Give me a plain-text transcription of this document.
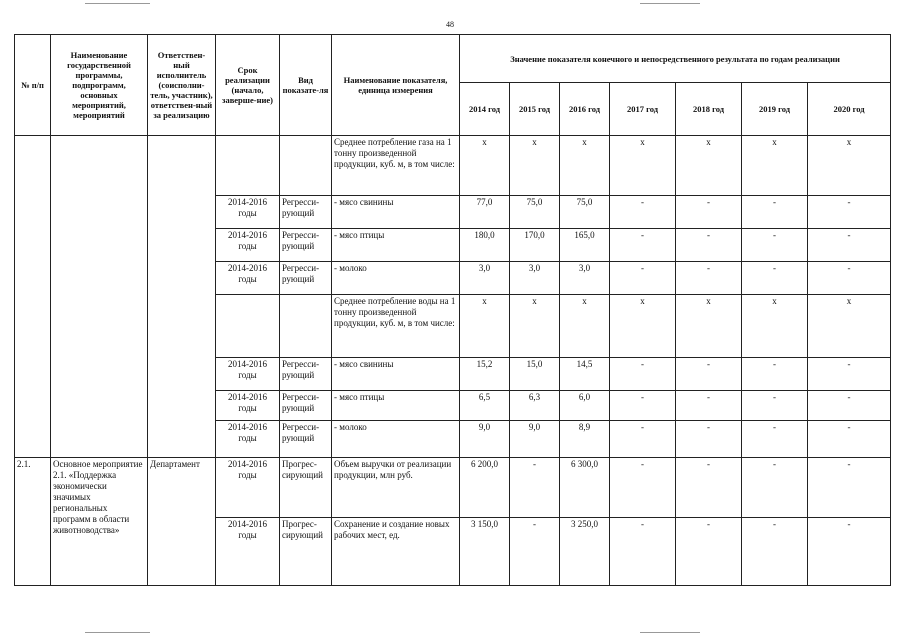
48
№ п/п	Наименование государственной программы, подпрограмм, основных мероприятий, мероприятий	Ответствен-ный исполнитель (соисполни-тель, участник), ответствен-ный за реализацию	Срок реализации (начало, заверше-ние)	Вид показате-ля	Наименование показателя, единица измерения	Значение показателя конечного и непосредственного результата по годам реализации						
						2014 год	2015 год	2016 год	2017 год	2018 год	2019 год	2020 год
					Среднее потребление газа на 1 тонну произведенной продукции, куб. м, в том числе:	х	х	х	х	х	х	х
			2014-2016 годы	Регресси-рующий	- мясо свинины	77,0	75,0	75,0	-	-	-	-
			2014-2016 годы	Регресси-рующий	- мясо птицы	180,0	170,0	165,0	-	-	-	-
			2014-2016 годы	Регресси-рующий	- молоко	3,0	3,0	3,0	-	-	-	-
					Среднее потребление воды на 1 тонну произведенной продукции, куб. м, в том числе:	х	х	х	х	х	х	х
			2014-2016 годы	Регресси-рующий	- мясо свинины	15,2	15,0	14,5	-	-	-	-
			2014-2016 годы	Регресси-рующий	- мясо птицы	6,5	6,3	6,0	-	-	-	-
			2014-2016 годы	Регресси-рующий	- молоко	9,0	9,0	8,9	-	-	-	-
2.1.	Основное мероприятие 2.1. «Поддержка экономически значимых региональных программ в области животноводства»	Департамент	2014-2016 годы	Прогрес-сирующий	Объем выручки от реализации продукции, млн руб.	6 200,0	-	6 300,0	-	-	-	-
			2014-2016 годы	Прогрес-сирующий	Сохранение и создание новых рабочих мест, ед.	3 150,0	-	3 250,0	-	-	-	-
